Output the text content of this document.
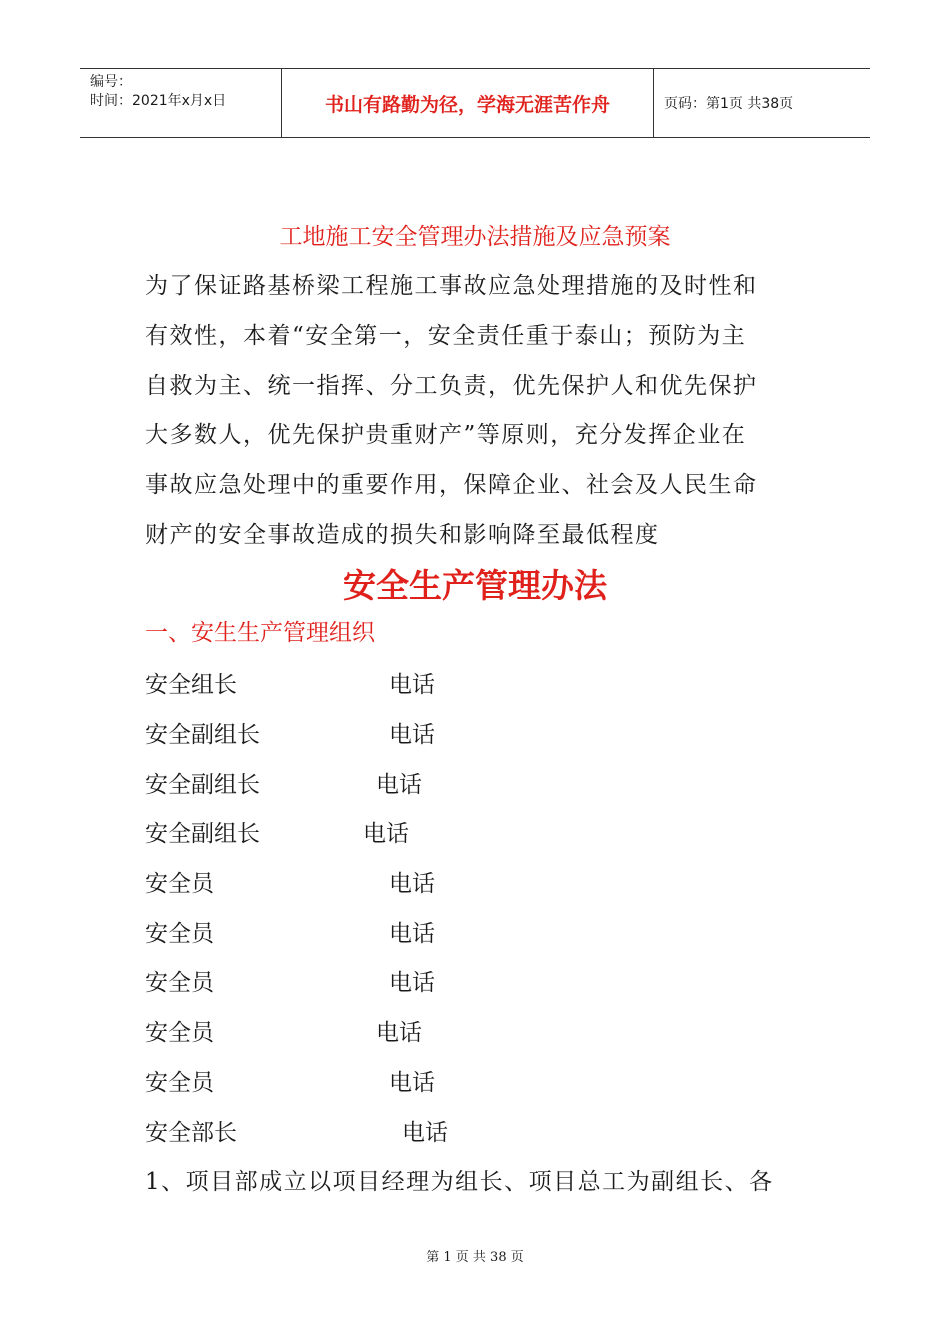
编号：
时间：2021年x月x日	书山有路勤为径，学海无涯苦作舟	页码：第1页 共38页
工地施工安全管理办法措施及应急预案

为了保证路基桥梁工程施工事故应急处理措施的及时性和

有效性，本着“安全第一，安全责任重于泰山；预防为主

自救为主、统一指挥、分工负责，优先保护人和优先保护

大多数人，优先保护贵重财产”等原则，充分发挥企业在

事故应急处理中的重要作用，保障企业、社会及人民生命

财产的安全事故造成的损失和影响降至最低程度

安全生产管理办法
一、安生生产管理组织
安全组长	电话
安全副组长	电话
安全副组长	电话
安全副组长	电话
安全员	电话
安全员	电话
安全员	电话
安全员	电话
安全员	电话
安全部长	电话
1、项目部成立以项目经理为组长、项目总工为副组长、各
第 1 页 共 38 页
